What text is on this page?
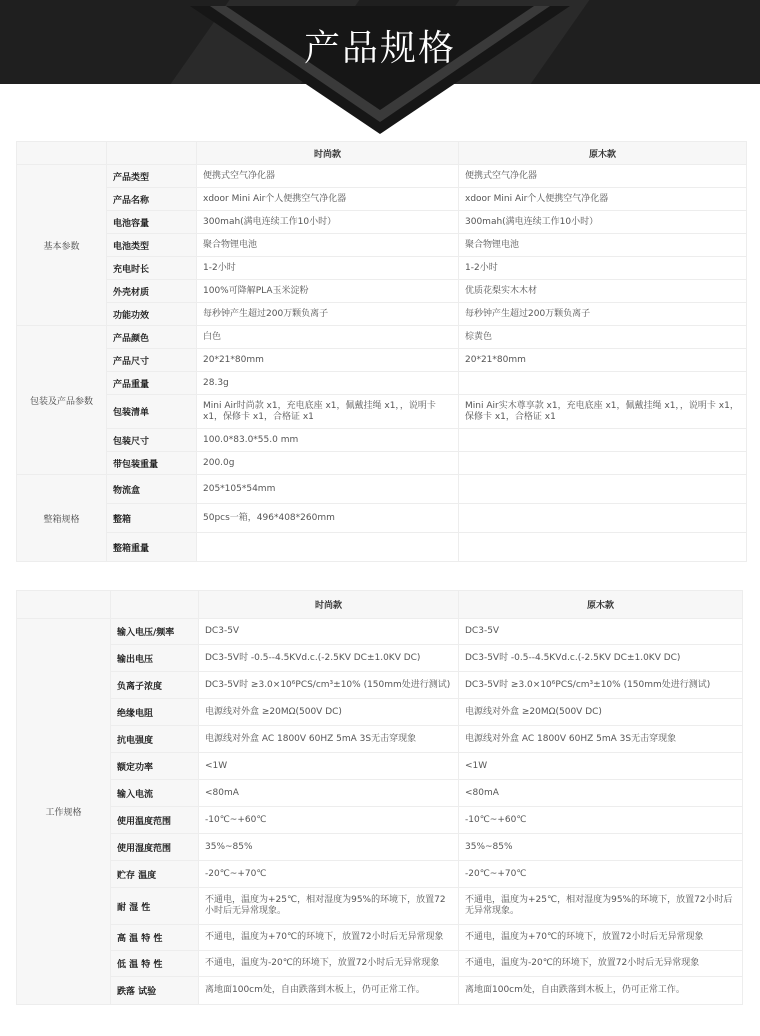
产品规格
		时尚款	原木款
基本参数	产品类型	便携式空气净化器	便携式空气净化器
	产品名称	xdoor Mini Air个人便携空气净化器	xdoor Mini Air个人便携空气净化器
	电池容量	300mah(满电连续工作10小时）	300mah(满电连续工作10小时）
	电池类型	聚合物锂电池	聚合物锂电池
	充电时长	1-2小时	1-2小时
	外壳材质	100%可降解PLA玉米淀粉	优质花梨实木木材
	功能功效	每秒钟产生超过200万颗负离子	每秒钟产生超过200万颗负离子
包装及产品参数	产品颜色	白色	棕黄色
	产品尺寸	20*21*80mm	20*21*80mm
	产品重量	28.3g	
	包装清单	Mini Air时尚款 x1，充电底座 x1，佩戴挂绳 x1，，说明卡 x1，保修卡 x1，合格证 x1	Mini Air实木尊享款 x1，充电底座 x1，佩戴挂绳 x1，，说明卡 x1，保修卡 x1，合格证 x1
	包装尺寸	100.0*83.0*55.0 mm	
	带包装重量	200.0g	
整箱规格	物流盒	205*105*54mm	
	整箱	50pcs一箱，496*408*260mm	
	整箱重量		
		时尚款	原木款
工作规格	输入电压/频率	DC3-5V	DC3-5V
	输出电压	DC3-5V时 -0.5--4.5KVd.c.(-2.5KV DC±1.0KV DC)	DC3-5V时 -0.5--4.5KVd.c.(-2.5KV DC±1.0KV DC)
	负离子浓度	DC3-5V时 ≥3.0×10⁶PCS/cm³±10% (150mm处进行测试)	DC3-5V时 ≥3.0×10⁶PCS/cm³±10% (150mm处进行测试)
	绝缘电阻	电源线对外盒 ≥20MΩ(500V DC)	电源线对外盒 ≥20MΩ(500V DC)
	抗电强度	电源线对外盒 AC 1800V 60HZ 5mA 3S无击穿现象	电源线对外盒 AC 1800V 60HZ 5mA 3S无击穿现象
	额定功率	<1W	<1W
	输入电流	<80mA	<80mA
	使用温度范围	-10℃~+60℃	-10℃~+60℃
	使用湿度范围	35%~85%	35%~85%
	贮存 温度	-20℃~+70℃	-20℃~+70℃
	耐 湿 性	不通电，温度为+25℃，相对湿度为95%的环境下，放置72小时后无异常现象。	不通电，温度为+25℃，相对湿度为95%的环境下，放置72小时后无异常现象。
	高 温 特 性	不通电，温度为+70℃的环境下，放置72小时后无异常现象	不通电，温度为+70℃的环境下，放置72小时后无异常现象
	低 温 特 性	不通电，温度为-20℃的环境下，放置72小时后无异常现象	不通电，温度为-20℃的环境下，放置72小时后无异常现象
	跌落 试验	离地面100cm处，自由跌落到木板上，仍可正常工作。	离地面100cm处，自由跌落到木板上，仍可正常工作。
